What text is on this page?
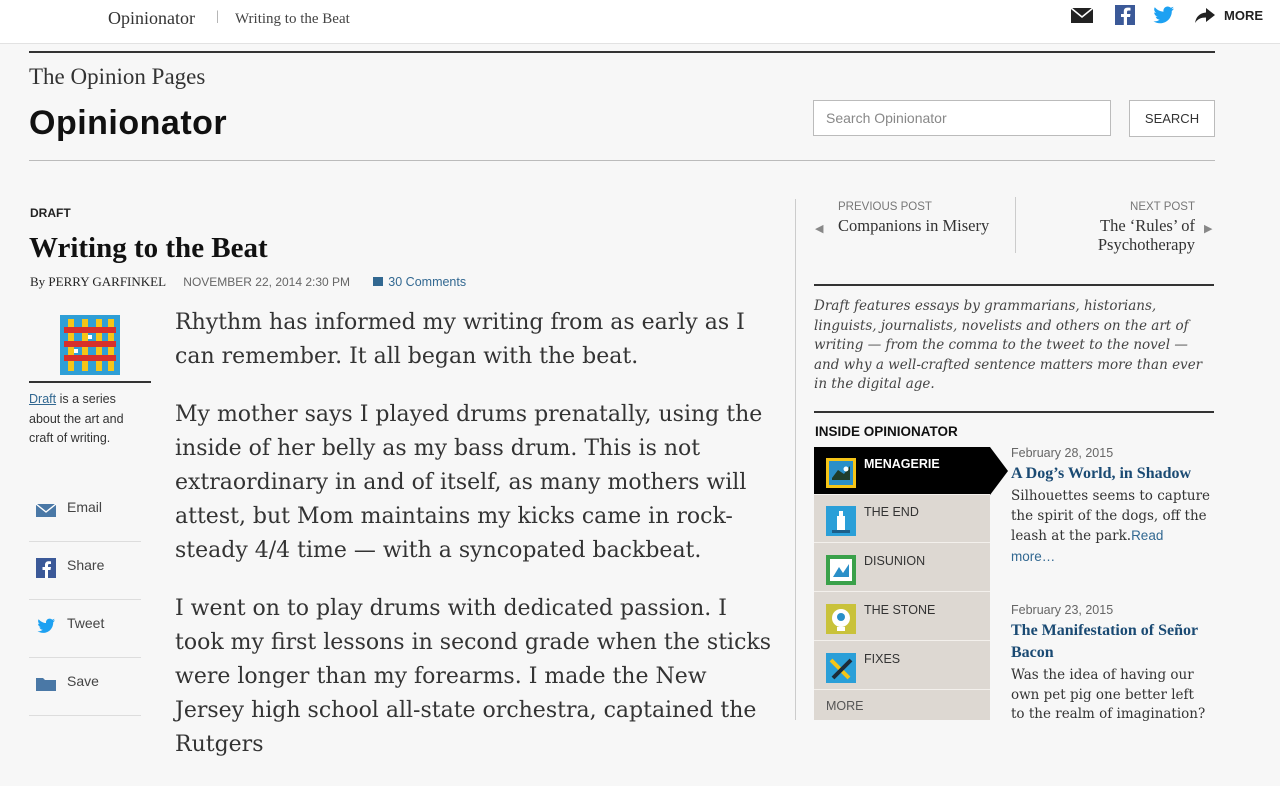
Opinionator | Writing to the Beat	MORE
The Opinion Pages
Opinionator
Search Opinionator	SEARCH
DRAFT
Writing to the Beat
By PERRY GARFINKEL NOVEMBER 22, 2014 2:30 PM	30 Comments
Draft is a series about the art and craft of writing.
Email
Share
Tweet
Save

Rhythm has informed my writing from as early as I can remember. It all began with the beat.

My mother says I played drums prenatally, using the inside of her belly as my bass drum. This is not extraordinary in and of itself, as many mothers will attest, but Mom maintains my kicks came in rock-steady 4/4 time — with a syncopated backbeat.

I went on to play drums with dedicated passion. I took my first lessons in second grade when the sticks were longer than my forearms. I made the New Jersey high school all-state orchestra, captained the Rutgers

◀
PREVIOUS POST
Companions in Misery
NEXT POST
The ‘Rules’ of Psychotherapy
▶
Draft features essays by grammarians, historians, linguists, journalists, novelists and others on the art of writing — from the comma to the tweet to the novel — and why a well-crafted sentence matters more than ever in the digital age.
INSIDE OPINIONATOR
MENAGERIE
THE END
DISUNION
THE STONE
FIXES
MORE
February 28, 2015
A Dog’s World, in Shadow
Silhouettes seems to capture the spirit of the dogs, off the leash at the park.Read more…
February 23, 2015
The Manifestation of Señor Bacon
Was the idea of having our own pet pig one better left to the realm of imagination?
